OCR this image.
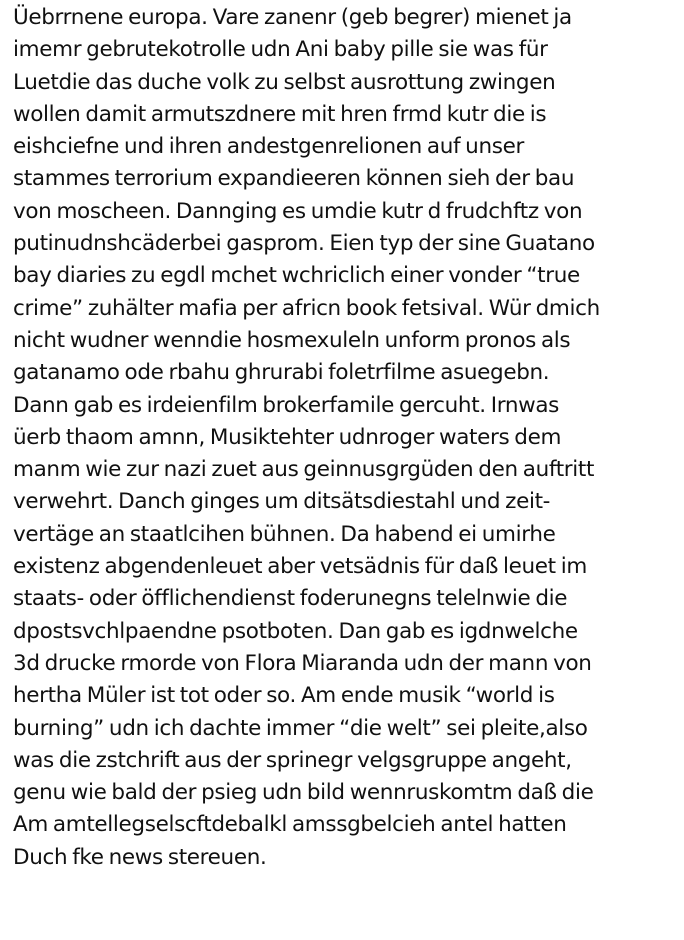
Üebrrnene europa. Vare zanenr (geb begrer) mienet ja
imemr gebrutekotrolle udn Ani baby pille sie was für
Luetdie das duche volk zu selbst ausrottung zwingen
wollen damit armutszdnere mit hren frmd kutr die is
eishciefne und ihren andestgenrelionen auf unser
stammes terrorium expandieeren können sieh der bau
von moscheen. Dannging es umdie kutr d frudchftz von
putinudnshcäderbei gasprom. Eien typ der sine Guatano
bay diaries zu egdl mchet wchriclich einer vonder “true
crime” zuhälter mafia per africn book fetsival. Wür dmich
nicht wudner wenndie hosmexuleln unform pronos als
gatanamo ode rbahu ghrurabi foletrfilme asuegebn.
Dann gab es irdeienfilm brokerfamile gercuht. Irnwas
üerb thaom amnn, Musiktehter udnroger waters dem
manm wie zur nazi zuet aus geinnusgrgüden den auftritt
verwehrt. Danch ginges um ditsätsdiestahl und zeit-
vertäge an staatlcihen bühnen. Da habend ei umirhe
existenz abgendenleuet aber vetsädnis für daß leuet im
staats- oder öfflichendienst foderunegns telelnwie die
dpostsvchlpaendne psotboten. Dan gab es igdnwelche
3d drucke rmorde von Flora Miaranda udn der mann von
hertha Müler ist tot oder so. Am ende musik “world is
burning” udn ich dachte immer “die welt” sei pleite,also
was die zstchrift aus der sprinegr velgsgruppe angeht,
genu wie bald der psieg udn bild wennruskomtm daß die
Am amtellegselscftdebalkl amssgbelcieh antel hatten
Duch fke news stereuen.
